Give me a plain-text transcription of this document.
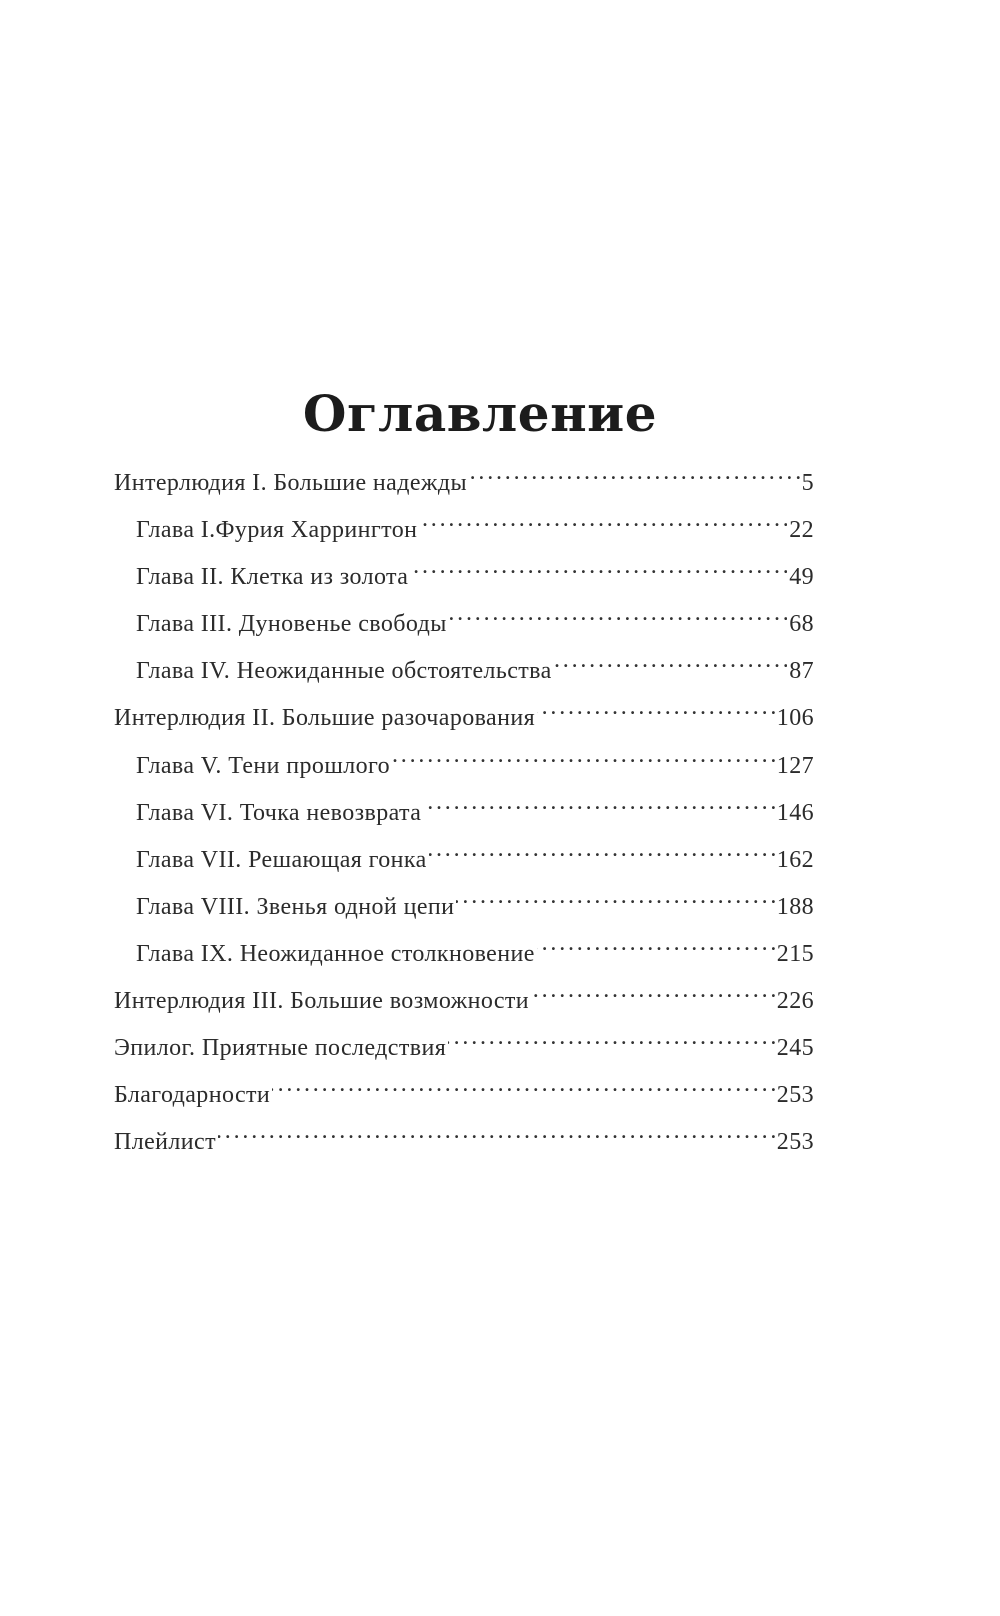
Оглавление
Интерлюдия I. Большие надежды . . .	5
Глава I.Фурия Харрингтон . . .	22
Глава II. Клетка из золота . . .	49
Глава III. Дуновенье свободы . . .	68
Глава IV. Неожиданные обстоятельства . . .	87
Интерлюдия II. Большие разочарования . . .	106
Глава V. Тени прошлого . . .	127
Глава VI. Точка невозврата . . .	146
Глава VII. Решающая гонка . . .	162
Глава VIII. Звенья одной цепи . . .	188
Глава IX. Неожиданное столкновение . . .	215
Интерлюдия III. Большие возможности . . .	226
Эпилог. Приятные последствия . . .	245
Благодарности . . .	253
Плейлист . . .	253
